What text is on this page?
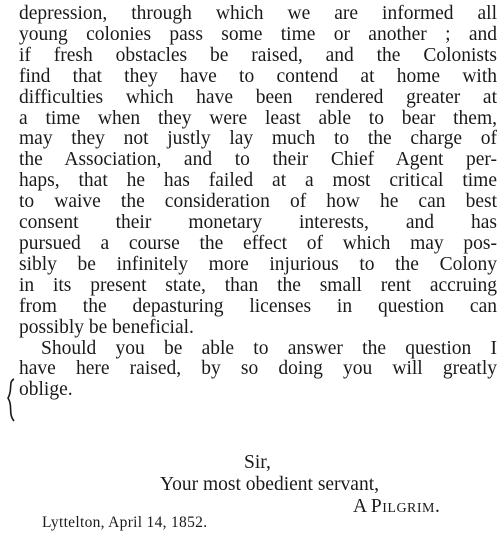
depression, through which we are informed all
young colonies pass some time or another ; and
if fresh obstacles be raised, and the Colonists
find that they have to contend at home with
difficulties which have been rendered greater at
a time when they were least able to bear them,
may they not justly lay much to the charge of
the Association, and to their Chief Agent per-
haps, that he has failed at a most critical time
to waive the consideration of how he can best
consent their monetary interests, and has
pursued a course the effect of which may pos-
sibly be infinitely more injurious to the Colony
in its present state, than the small rent accruing
from the depasturing licenses in question can
possibly be beneficial.
Should you be able to answer the question I
have here raised, by so doing you will greatly
oblige.
Sir,
Your most obedient servant,
A Pilgrim.
Lyttelton, April 14, 1852.
